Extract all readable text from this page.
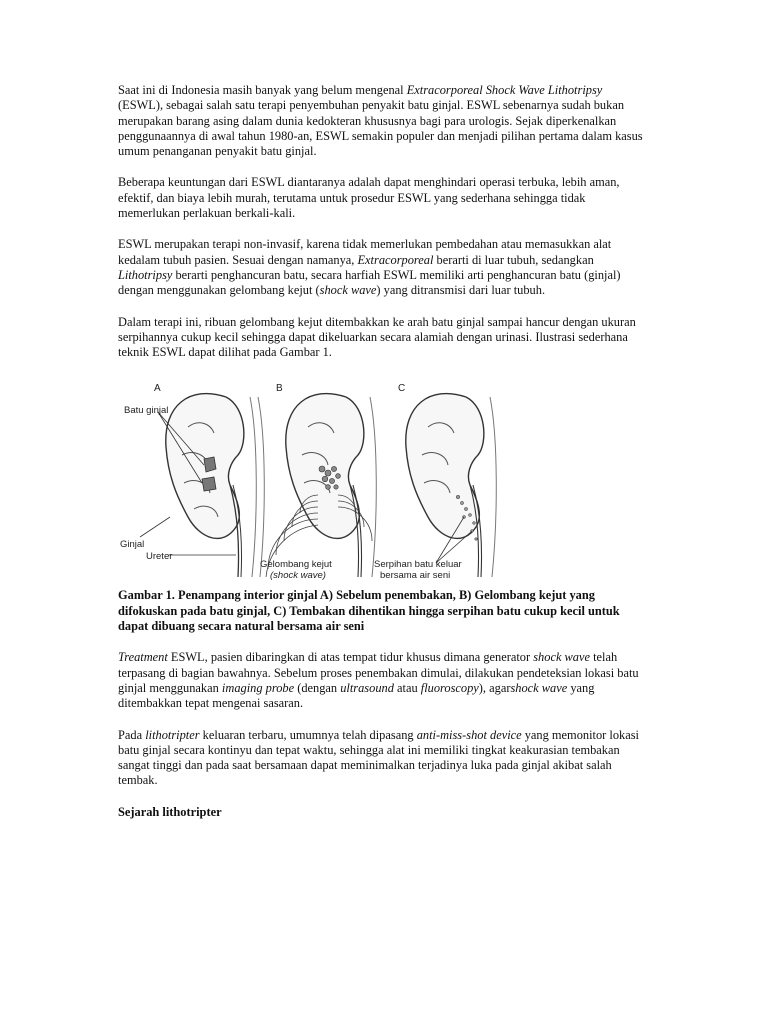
Saat ini di Indonesia masih banyak yang belum mengenal Extracorporeal Shock Wave Lithotripsy (ESWL), sebagai salah satu terapi penyembuhan penyakit batu ginjal. ESWL sebenarnya sudah bukan merupakan barang asing dalam dunia kedokteran khususnya bagi para urologis. Sejak diperkenalkan penggunaannya di awal tahun 1980-an, ESWL semakin populer dan menjadi pilihan pertama dalam kasus umum penanganan penyakit batu ginjal.

Beberapa keuntungan dari ESWL diantaranya adalah dapat menghindari operasi terbuka, lebih aman, efektif, dan biaya lebih murah, terutama untuk prosedur ESWL yang sederhana sehingga tidak memerlukan perlakuan berkali-kali.

ESWL merupakan terapi non-invasif, karena tidak memerlukan pembedahan atau memasukkan alat kedalam tubuh pasien. Sesuai dengan namanya, Extracorporeal berarti di luar tubuh, sedangkan Lithotripsy berarti penghancuran batu, secara harfiah ESWL memiliki arti penghancuran batu (ginjal) dengan menggunakan gelombang kejut (shock wave) yang ditransmisi dari luar tubuh.

Dalam terapi ini, ribuan gelombang kejut ditembakkan ke arah batu ginjal sampai hancur dengan ukuran serpihannya cukup kecil sehingga dapat dikeluarkan secara alamiah dengan urinasi. Ilustrasi sederhana teknik ESWL dapat dilihat pada Gambar 1.

A
Batu ginjal
Ginjal
Ureter
B
Gelombang kejut
(shock wave)
C
Serpihan batu keluar
bersama air seni

Gambar 1. Penampang interior ginjal A) Sebelum penembakan, B) Gelombang kejut yang difokuskan pada batu ginjal, C) Tembakan dihentikan hingga serpihan batu cukup kecil untuk dapat dibuang secara natural bersama air seni

Treatment ESWL, pasien dibaringkan di atas tempat tidur khusus dimana generator shock wave telah terpasang di bagian bawahnya. Sebelum proses penembakan dimulai, dilakukan pendeteksian lokasi batu ginjal menggunakan imaging probe (dengan ultrasound atau fluoroscopy), agarshock wave yang ditembakkan tepat mengenai sasaran.

Pada lithotripter keluaran terbaru, umumnya telah dipasang anti-miss-shot device yang memonitor lokasi batu ginjal secara kontinyu dan tepat waktu, sehingga alat ini memiliki tingkat keakurasian tembakan sangat tinggi dan pada saat bersamaan dapat meminimalkan terjadinya luka pada ginjal akibat salah tembak.

Sejarah lithotripter
